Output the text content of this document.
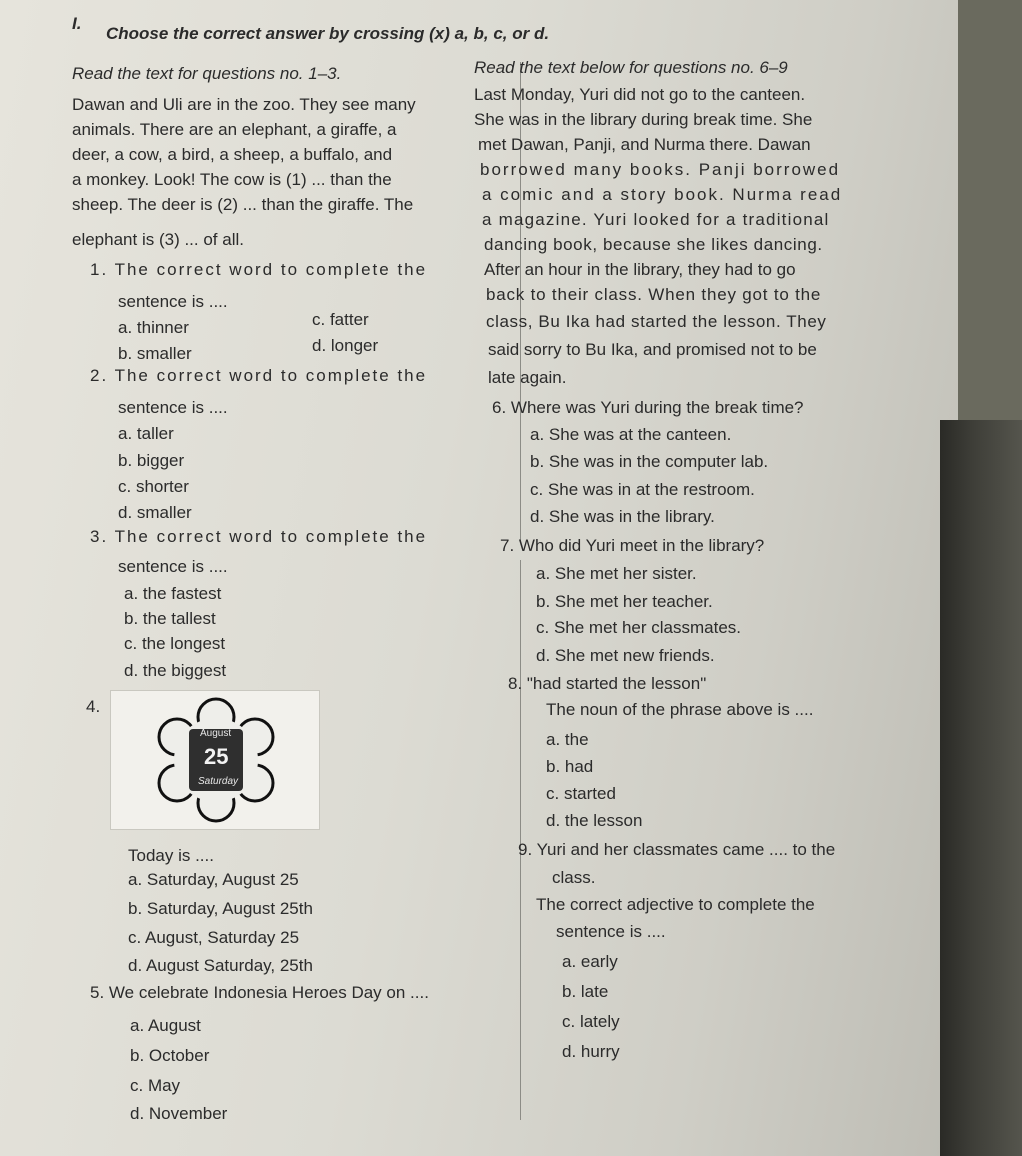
I.
Choose the correct answer by crossing (x) a, b, c, or d.
Read the text for questions no. 1–3.
Dawan and Uli are in the zoo. They see many
animals. There are an elephant, a giraffe, a
deer, a cow, a bird, a sheep, a buffalo, and
a monkey. Look! The cow is (1) ... than the
sheep. The deer is (2) ... than the giraffe. The
elephant is (3) ... of all.
1. The correct word to complete the
sentence is ....
a. thinner	c. fatter
b. smaller	d. longer
2. The correct word to complete the
sentence is ....
a. taller
b. bigger
c. shorter
d. smaller
3. The correct word to complete the
sentence is ....
a. the fastest
b. the tallest
c. the longest
d. the biggest
4.
August
25
Saturday
Today is ....
a. Saturday, August 25
b. Saturday, August 25th
c. August, Saturday 25
d. August Saturday, 25th
5. We celebrate Indonesia Heroes Day on ....
a. August
b. October
c. May
d. November
Read the text below for questions no. 6–9
Last Monday, Yuri did not go to the canteen.
She was in the library during break time. She
met Dawan, Panji, and Nurma there. Dawan
borrowed many books. Panji borrowed
a comic and a story book. Nurma read
a magazine. Yuri looked for a traditional
dancing book, because she likes dancing.
After an hour in the library, they had to go
back to their class. When they got to the
class, Bu Ika had started the lesson. They
said sorry to Bu Ika, and promised not to be
late again.
6. Where was Yuri during the break time?
a. She was at the canteen.
b. She was in the computer lab.
c. She was in at the restroom.
d. She was in the library.
7. Who did Yuri meet in the library?
a. She met her sister.
b. She met her teacher.
c. She met her classmates.
d. She met new friends.
8. "had started the lesson"
The noun of the phrase above is ....
a. the
b. had
c. started
d. the lesson
9. Yuri and her classmates came .... to the
class.
The correct adjective to complete the
sentence is ....
a. early
b. late
c. lately
d. hurry
